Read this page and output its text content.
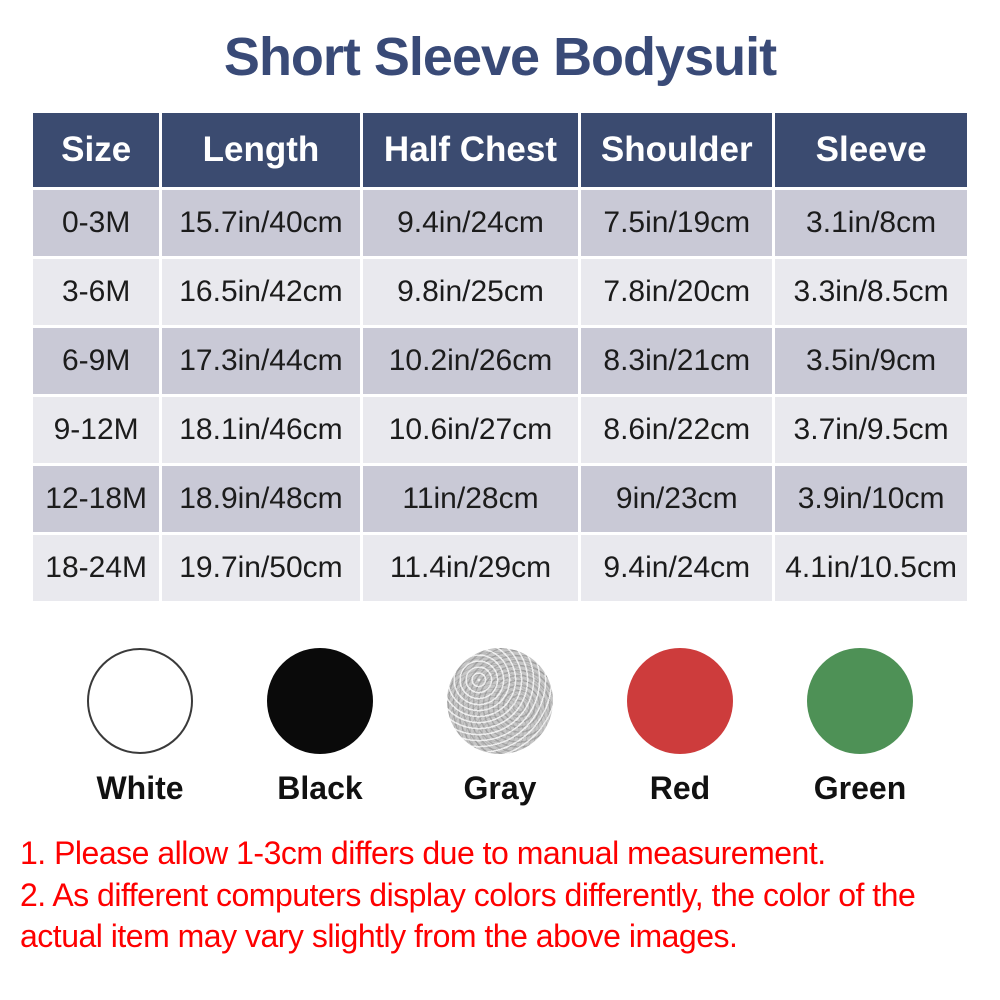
Short Sleeve Bodysuit
Size	Length	Half Chest	Shoulder	Sleeve
0-3M	15.7in/40cm	9.4in/24cm	7.5in/19cm	3.1in/8cm
3-6M	16.5in/42cm	9.8in/25cm	7.8in/20cm	3.3in/8.5cm
6-9M	17.3in/44cm	10.2in/26cm	8.3in/21cm	3.5in/9cm
9-12M	18.1in/46cm	10.6in/27cm	8.6in/22cm	3.7in/9.5cm
12-18M	18.9in/48cm	11in/28cm	9in/23cm	3.9in/10cm
18-24M	19.7in/50cm	11.4in/29cm	9.4in/24cm	4.1in/10.5cm
White	Black	Gray	Red	Green

1. Please allow 1-3cm differs due to manual measurement.

2. As different computers display colors differently, the color of the actual item may vary slightly from the above images.
